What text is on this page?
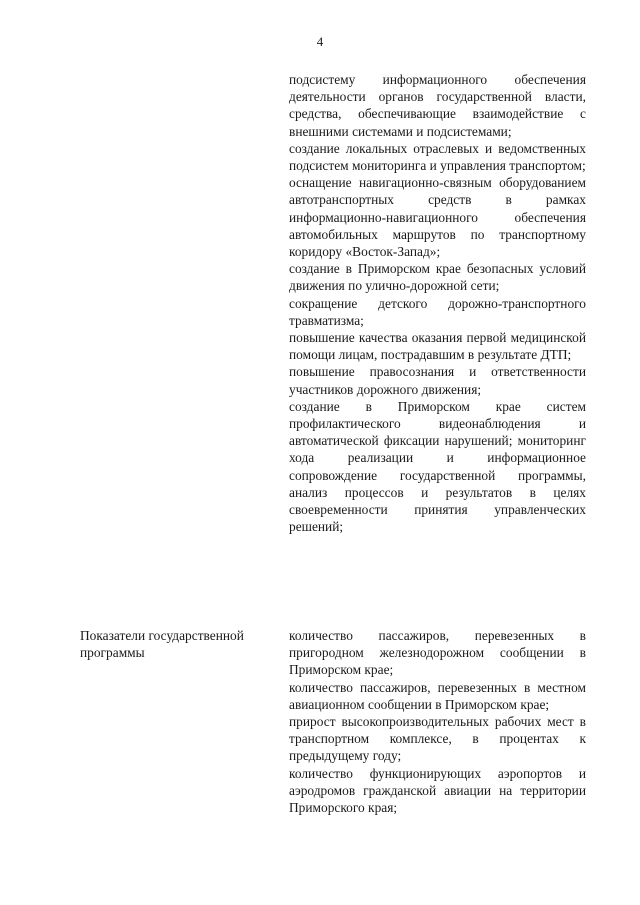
4

подсистему информационного обеспечения деятельности органов государственной власти, средства, обеспечивающие взаимодействие с внешними системами и подсистемами;

создание локальных отраслевых и ведомственных подсистем мониторинга и управления транспортом;

оснащение навигационно-связным оборудованием автотранспортных средств в рамках информационно-навигационного обеспечения автомобильных маршрутов по транспортному коридору «Восток-Запад»;

создание в Приморском крае безопасных условий движения по улично-дорожной сети;

сокращение детского дорожно-транспортного травматизма;

повышение качества оказания первой медицинской помощи лицам, пострадавшим в результате ДТП;

повышение правосознания и ответственности участников дорожного движения;

создание в Приморском крае систем профилактического видеонаблюдения и автоматической фиксации нарушений; мониторинг хода реализации и информационное сопровождение государственной программы, анализ процессов и результатов в целях своевременности принятия управленческих решений;

Показатели государственной программы

количество пассажиров, перевезенных в пригородном железнодорожном сообщении в Приморском крае;

количество пассажиров, перевезенных в местном авиационном сообщении в Приморском крае;

прирост высокопроизводительных рабочих мест в транспортном комплексе, в процентах к предыдущему году;

количество функционирующих аэропортов и аэродромов гражданской авиации на территории Приморского края;
